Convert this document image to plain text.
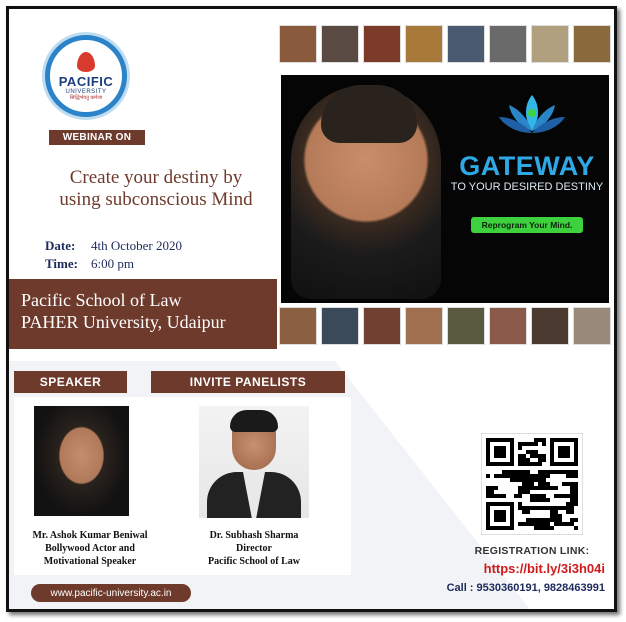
PACIFIC
UNIVERSITY
सिद्धिर्भवतु कर्मजा
WEBINAR ON
Create your destiny by
using subconscious Mind
Date:	4th October 2020
Time:	6:00 pm
Pacific School of Law
PAHER University, Udaipur
GATEWAY
TO YOUR DESIRED DESTINY
Reprogram Your Mind.
SPEAKER	INVITE PANELISTS
Mr. Ashok Kumar Beniwal
Bollywood Actor and
Motivational Speaker
Dr. Subhash Sharma
Director
Pacific School of Law
www.pacific-university.ac.in
REGISTRATION LINK:
https://bit.ly/3i3h04i
Call : 9530360191, 9828463991
